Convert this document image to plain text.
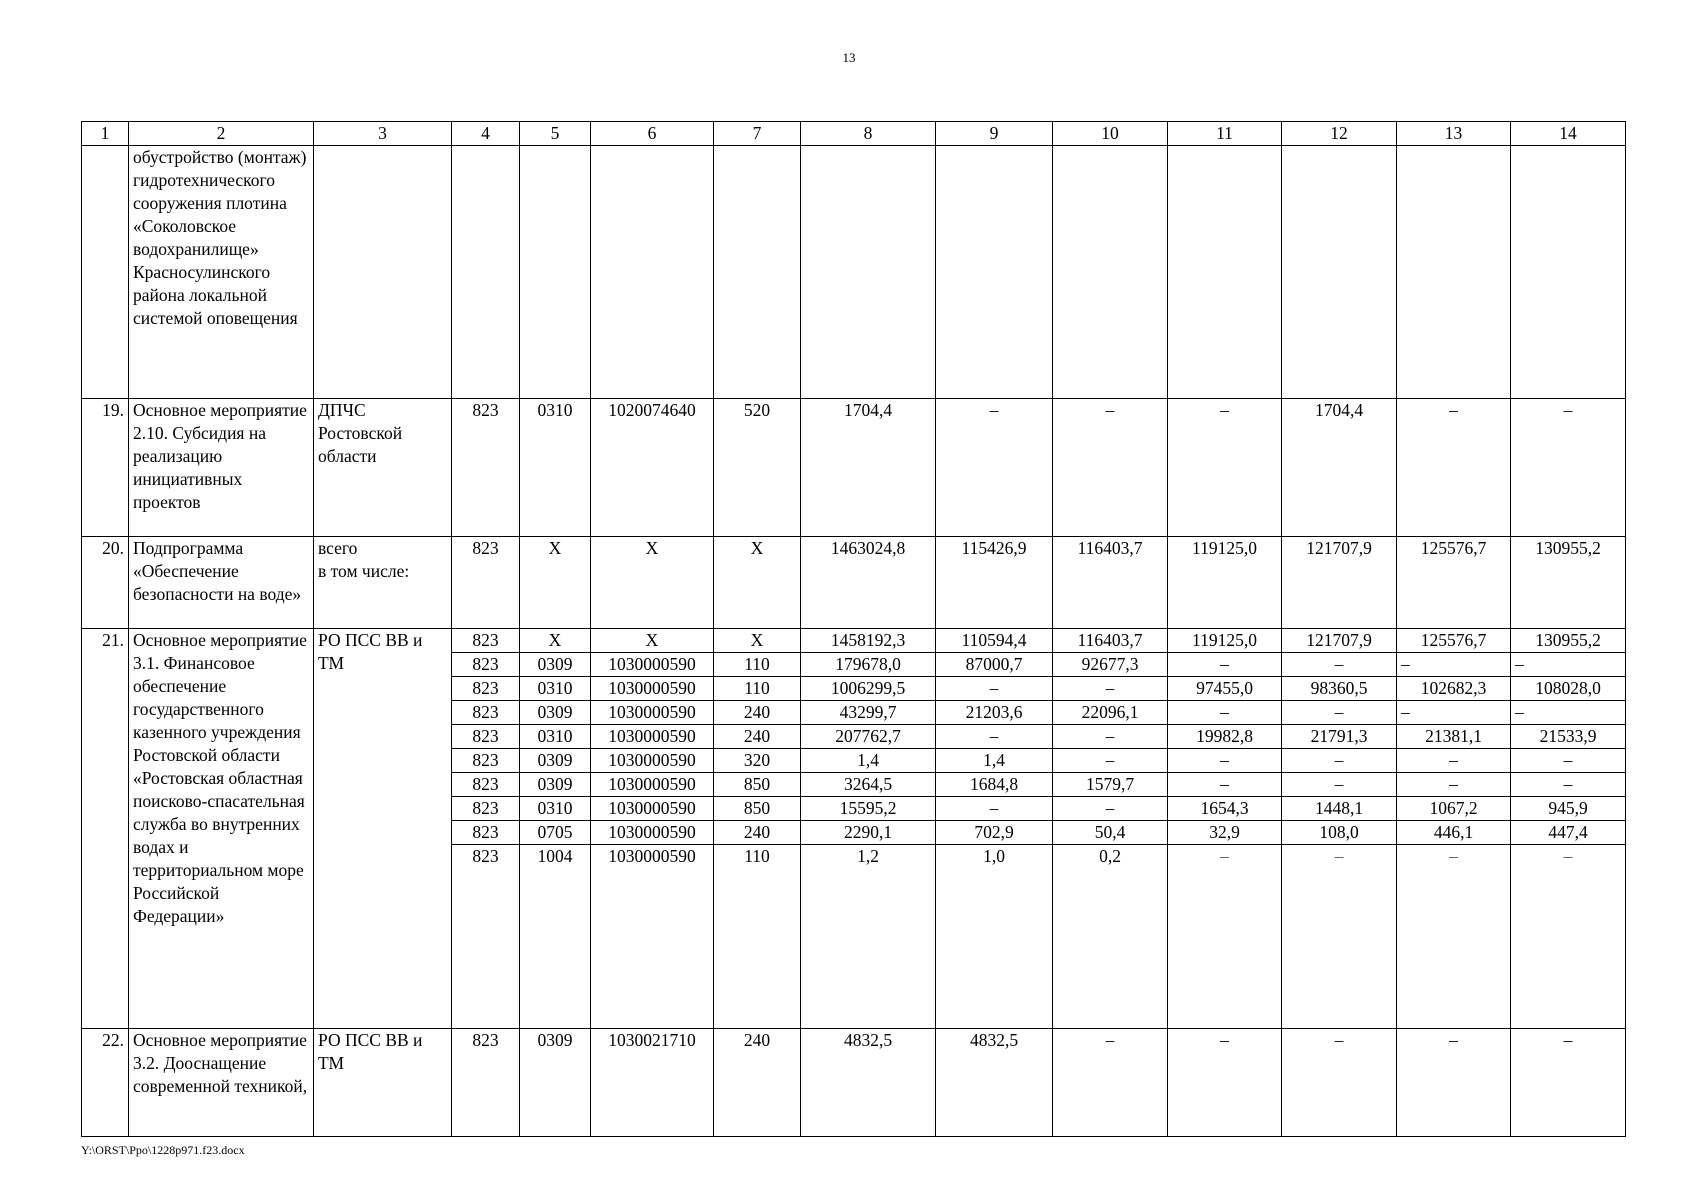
13
1	2	3	4	5	6	7	8	9	10	11	12	13	14
	обустройство (монтаж) гидротехнического сооружения плотина «Соколовское водохранилище» Красносулинского района локальной системой оповещения												
19.	Основное мероприятие 2.10. Субсидия на реализацию инициативных проектов	ДПЧС Ростовской области	823	0310	1020074640	520	1704,4	–	–	–	1704,4	–	–
20.	Подпрограмма «Обеспечение безопасности на воде»	всего
в том числе:	823	Х	Х	Х	1463024,8	115426,9	116403,7	119125,0	121707,9	125576,7	130955,2
21.	Основное мероприятие 3.1. Финансовое обеспечение государственного казенного учреждения Ростовской области «Ростовская областная поисково-спасательная служба во внутренних водах и территориальном море Российской Федерации»	РО ПСС ВВ и ТМ	823	Х	Х	Х	1458192,3	110594,4	116403,7	119125,0	121707,9	125576,7	130955,2
			823	0309	1030000590	110	179678,0	87000,7	92677,3	–	–	–	–
			823	0310	1030000590	110	1006299,5	–	–	97455,0	98360,5	102682,3	108028,0
			823	0309	1030000590	240	43299,7	21203,6	22096,1	–	–	–	–
			823	0310	1030000590	240	207762,7	–	–	19982,8	21791,3	21381,1	21533,9
			823	0309	1030000590	320	1,4	1,4	–	–	–	–	–
			823	0309	1030000590	850	3264,5	1684,8	1579,7	–	–	–	–
			823	0310	1030000590	850	15595,2	–	–	1654,3	1448,1	1067,2	945,9
			823	0705	1030000590	240	2290,1	702,9	50,4	32,9	108,0	446,1	447,4
			823	1004	1030000590	110	1,2	1,0	0,2	–	–	–	–
22.	Основное мероприятие 3.2. Дооснащение современной техникой,	РО ПСС ВВ и ТМ	823	0309	1030021710	240	4832,5	4832,5	–	–	–	–	–
Y:\ORST\Ppo\1228p971.f23.docx
